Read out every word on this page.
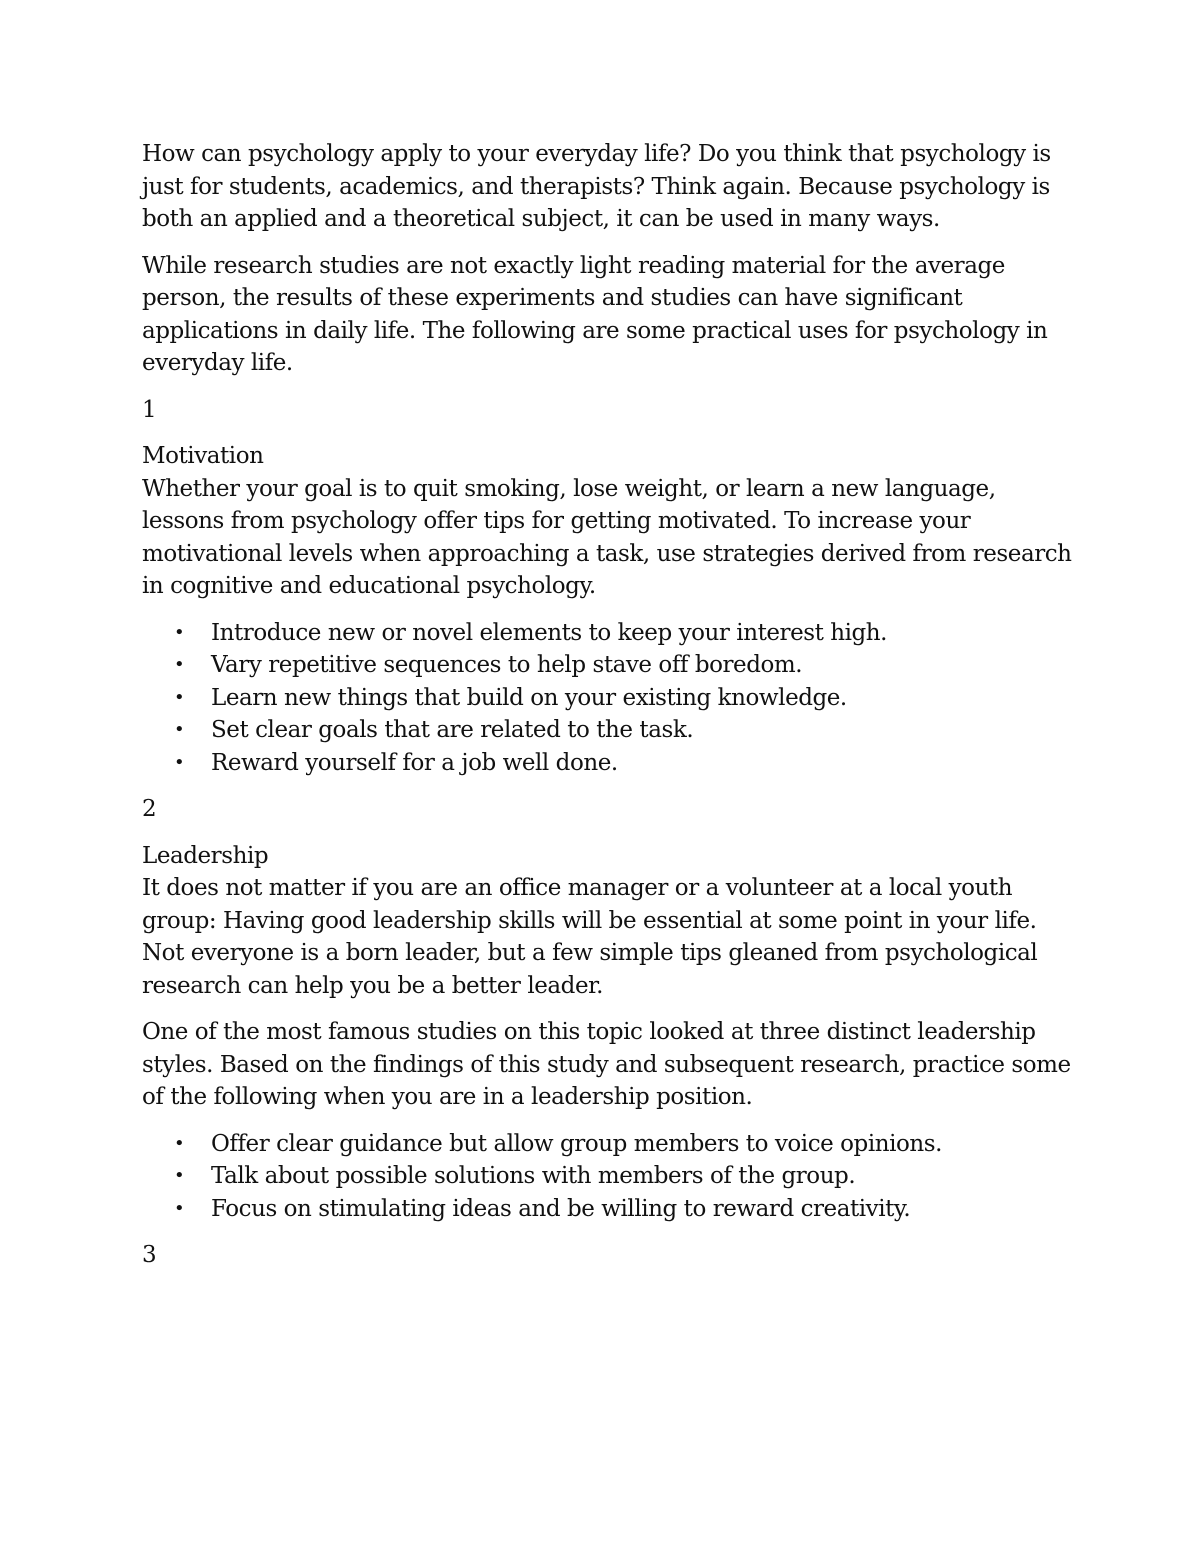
How can psychology apply to your everyday life? Do you think that psychology is just for students, academics, and therapists? Think again. Because psychology is both an applied and a theoretical subject, it can be used in many ways.

While research studies are not exactly light reading material for the average person, the results of these experiments and studies can have significant applications in daily life. The following are some practical uses for psychology in everyday life.

1

Motivation
Whether your goal is to quit smoking, lose weight, or learn a new language, lessons from psychology offer tips for getting motivated. To increase your motivational levels when approaching a task, use strategies derived from research in cognitive and educational psychology.

• Introduce new or novel elements to keep your interest high.
• Vary repetitive sequences to help stave off boredom.
• Learn new things that build on your existing knowledge.
• Set clear goals that are related to the task.
• Reward yourself for a job well done.
2

Leadership
It does not matter if you are an office manager or a volunteer at a local youth group: Having good leadership skills will be essential at some point in your life. Not everyone is a born leader, but a few simple tips gleaned from psychological research can help you be a better leader.

One of the most famous studies on this topic looked at three distinct leadership styles. Based on the findings of this study and subsequent research, practice some of the following when you are in a leadership position.

• Offer clear guidance but allow group members to voice opinions.
• Talk about possible solutions with members of the group.
• Focus on stimulating ideas and be willing to reward creativity.
3
